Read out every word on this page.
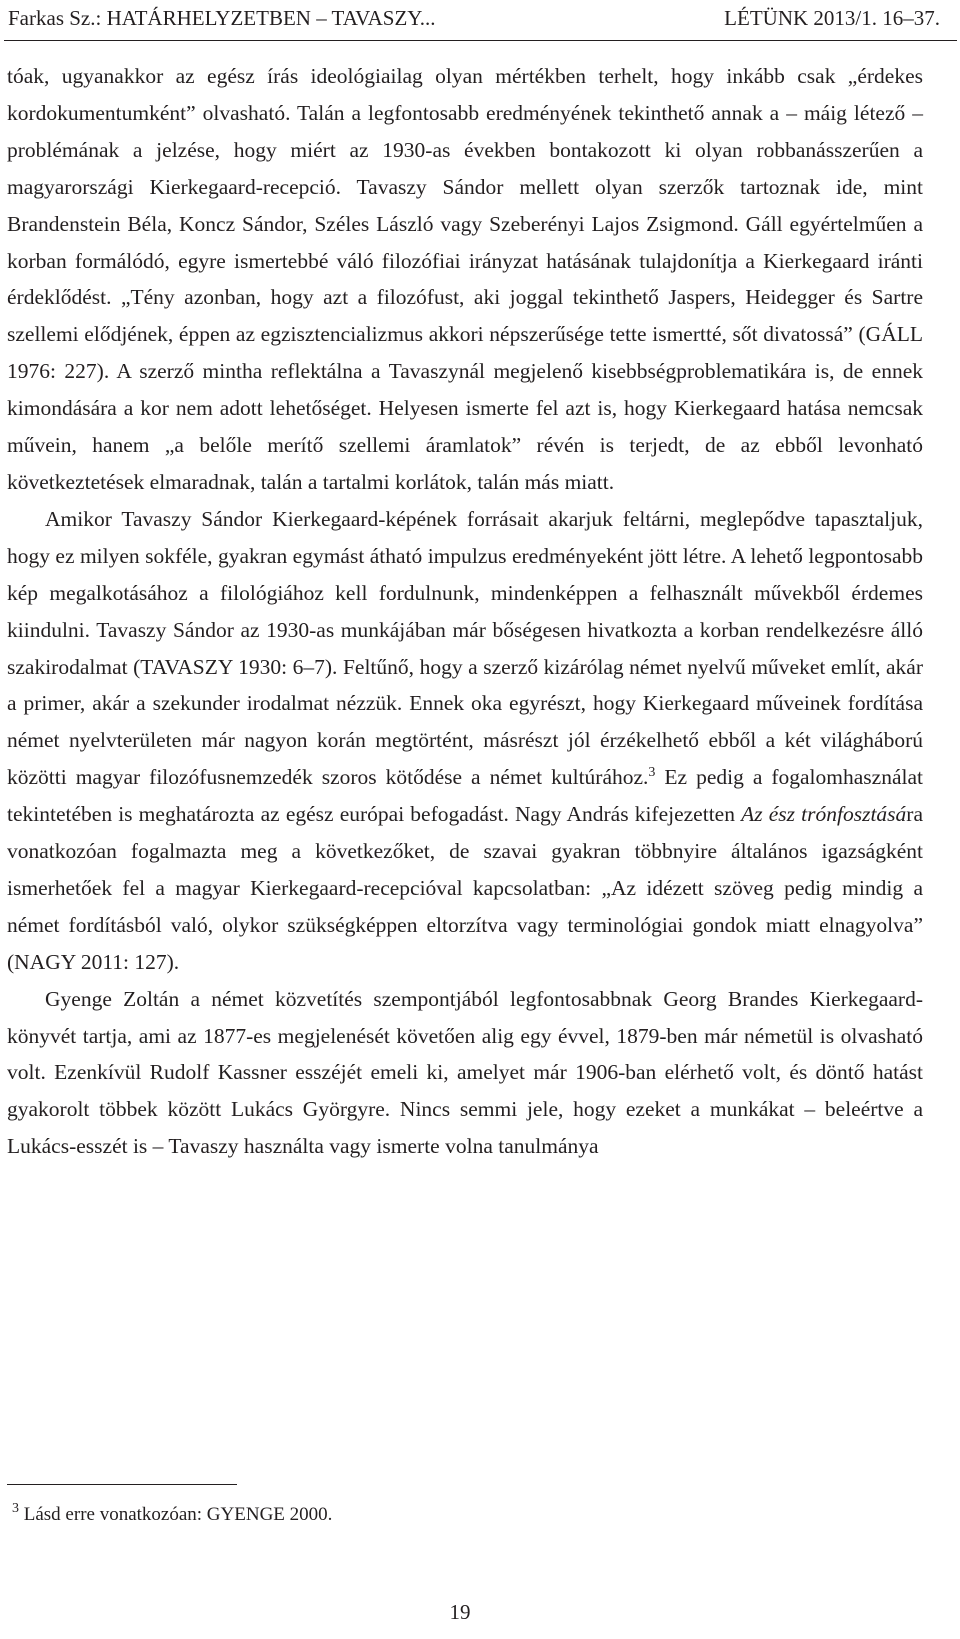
Farkas Sz.: HATÁRHELYZETBEN – TAVASZY...	LÉTÜNK 2013/1. 16–37.

tóak, ugyanakkor az egész írás ideológiailag olyan mértékben terhelt, hogy inkább csak „érdekes kordokumentumként” olvasható. Talán a legfontosabb eredményének tekinthető annak a – máig létező – problémának a jelzése, hogy miért az 1930-as években bontakozott ki olyan robbanásszerűen a magyarországi Kierkegaard-recepció. Tavaszy Sándor mellett olyan szerzők tartoznak ide, mint Brandenstein Béla, Koncz Sándor, Széles László vagy Szeberényi Lajos Zsigmond. Gáll egyértelműen a korban formálódó, egyre ismertebbé váló filozófiai irányzat hatásának tulajdonítja a Kierkegaard iránti érdeklődést. „Tény azonban, hogy azt a filozófust, aki joggal tekinthető Jaspers, Heidegger és Sartre szellemi elődjének, éppen az egzisztencializmus akkori népszerűsége tette ismertté, sőt divatossá” (GÁLL 1976: 227). A szerző mintha reflektálna a Tavaszynál megjelenő kisebbségproblematikára is, de ennek kimondására a kor nem adott lehetőséget. Helyesen ismerte fel azt is, hogy Kierkegaard hatása nemcsak művein, hanem „a belőle merítő szellemi áramlatok” révén is terjedt, de az ebből levonható következtetések elmaradnak, talán a tartalmi korlátok, talán más miatt.

Amikor Tavaszy Sándor Kierkegaard-képének forrásait akarjuk feltárni, meglepődve tapasztaljuk, hogy ez milyen sokféle, gyakran egymást átható impulzus eredményeként jött létre. A lehető legpontosabb kép megalkotásához a filológiához kell fordulnunk, mindenképpen a felhasznált művekből érdemes kiindulni. Tavaszy Sándor az 1930-as munkájában már bőségesen hivatkozta a korban rendelkezésre álló szakirodalmat (TAVASZY 1930: 6–7). Feltűnő, hogy a szerző kizárólag német nyelvű műveket említ, akár a primer, akár a szekunder irodalmat nézzük. Ennek oka egyrészt, hogy Kierkegaard műveinek fordítása német nyelvterületen már nagyon korán megtörtént, másrészt jól érzékelhető ebből a két világháború közötti magyar filozófusnemzedék szoros kötődése a német kultúrához.$^3$ Ez pedig a fogalomhasználat tekintetében is meghatározta az egész európai befogadást. Nagy András kifejezetten Az ész trónfosztására vonatkozóan fogalmazta meg a következőket, de szavai gyakran többnyire általános igazságként ismerhetőek fel a magyar Kierkegaard-recepcióval kapcsolatban: „Az idézett szöveg pedig mindig a német fordításból való, olykor szükségképpen eltorzítva vagy terminológiai gondok miatt elnagyolva” (NAGY 2011: 127).

Gyenge Zoltán a német közvetítés szempontjából legfontosabbnak Georg Brandes Kierkegaard-könyvét tartja, ami az 1877-es megjelenését követően alig egy évvel, 1879-ben már németül is olvasható volt. Ezenkívül Rudolf Kassner esszéjét emeli ki, amelyet már 1906-ban elérhető volt, és döntő hatást gyakorolt többek között Lukács Györgyre. Nincs semmi jele, hogy ezeket a munkákat – beleértve a Lukács-esszét is – Tavaszy használta vagy ismerte volna tanulmánya

$^3$ Lásd erre vonatkozóan: GYENGE 2000.
19
